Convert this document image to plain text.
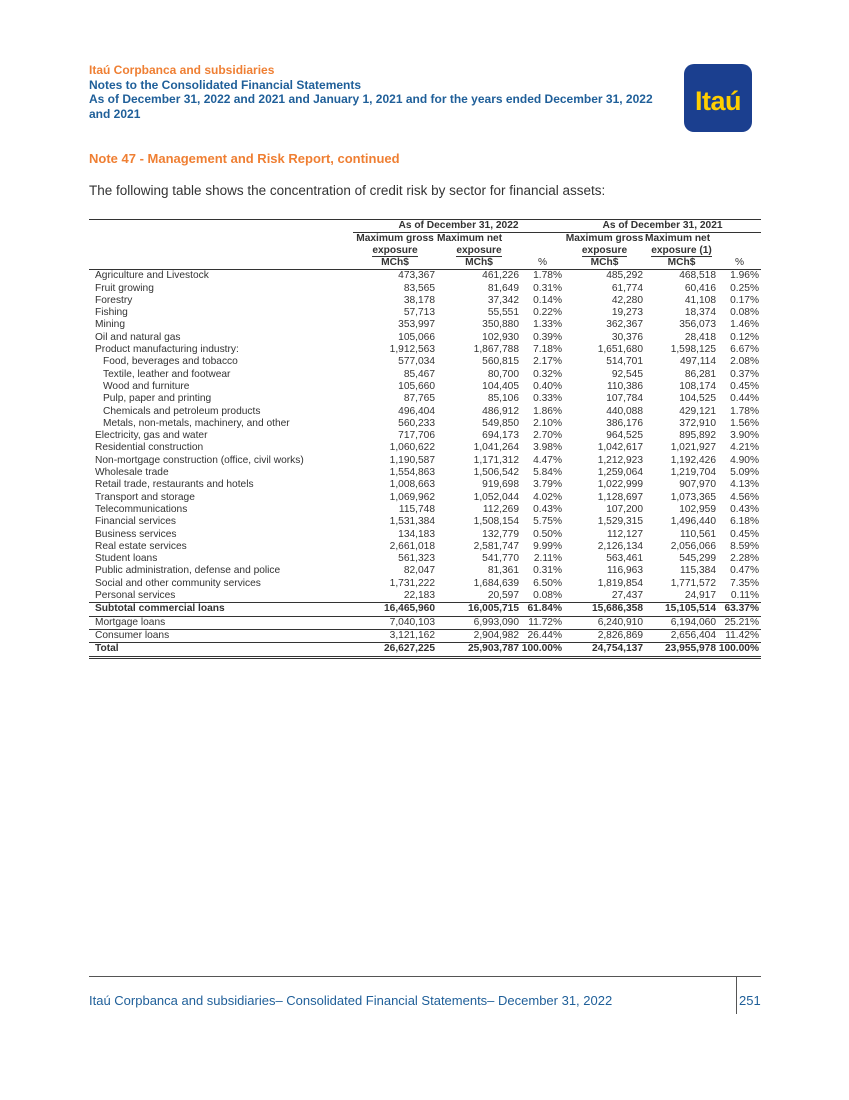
Itaú Corpbanca and subsidiaries
Notes to the Consolidated Financial Statements
As of December 31, 2022 and 2021 and January 1, 2021 and for the years ended December 31, 2022
and 2021	Itaú
Note 47 - Management and Risk Report, continued
The following table shows the concentration of credit risk by sector for financial assets:
	As of December 31, 2022			As of December 31, 2021		
	Maximum gross	Maximum net		Maximum gross	Maximum net	
	exposure	exposure		exposure	exposure (1)	
	MCh$	MCh$	%	MCh$	MCh$	%
Agriculture and Livestock	473,367	461,226	1.78%	485,292	468,518	1.96%
Fruit growing	83,565	81,649	0.31%	61,774	60,416	0.25%
Forestry	38,178	37,342	0.14%	42,280	41,108	0.17%
Fishing	57,713	55,551	0.22%	19,273	18,374	0.08%
Mining	353,997	350,880	1.33%	362,367	356,073	1.46%
Oil and natural gas	105,066	102,930	0.39%	30,376	28,418	0.12%
Product manufacturing industry:	1,912,563	1,867,788	7.18%	1,651,680	1,598,125	6.67%
Food, beverages and tobacco	577,034	560,815	2.17%	514,701	497,114	2.08%
Textile, leather and footwear	85,467	80,700	0.32%	92,545	86,281	0.37%
Wood and furniture	105,660	104,405	0.40%	110,386	108,174	0.45%
Pulp, paper and printing	87,765	85,106	0.33%	107,784	104,525	0.44%
Chemicals and petroleum products	496,404	486,912	1.86%	440,088	429,121	1.78%
Metals, non-metals, machinery, and other	560,233	549,850	2.10%	386,176	372,910	1.56%
Electricity, gas and water	717,706	694,173	2.70%	964,525	895,892	3.90%
Residential construction	1,060,622	1,041,264	3.98%	1,042,617	1,021,927	4.21%
Non-mortgage construction (office, civil works)	1,190,587	1,171,312	4.47%	1,212,923	1,192,426	4.90%
Wholesale trade	1,554,863	1,506,542	5.84%	1,259,064	1,219,704	5.09%
Retail trade, restaurants and hotels	1,008,663	919,698	3.79%	1,022,999	907,970	4.13%
Transport and storage	1,069,962	1,052,044	4.02%	1,128,697	1,073,365	4.56%
Telecommunications	115,748	112,269	0.43%	107,200	102,959	0.43%
Financial services	1,531,384	1,508,154	5.75%	1,529,315	1,496,440	6.18%
Business services	134,183	132,779	0.50%	112,127	110,561	0.45%
Real estate services	2,661,018	2,581,747	9.99%	2,126,134	2,056,066	8.59%
Student loans	561,323	541,770	2.11%	563,461	545,299	2.28%
Public administration, defense and police	82,047	81,361	0.31%	116,963	115,384	0.47%
Social and other community services	1,731,222	1,684,639	6.50%	1,819,854	1,771,572	7.35%
Personal services	22,183	20,597	0.08%	27,437	24,917	0.11%
Subtotal commercial loans	16,465,960	16,005,715	61.84%	15,686,358	15,105,514	63.37%
Mortgage loans	7,040,103	6,993,090	11.72%	6,240,910	6,194,060	25.21%
Consumer loans	3,121,162	2,904,982	26.44%	2,826,869	2,656,404	11.42%
Total	26,627,225	25,903,787	100.00%	24,754,137	23,955,978	100.00%
Itaú Corpbanca and subsidiaries– Consolidated Financial Statements– December 31, 2022	251
